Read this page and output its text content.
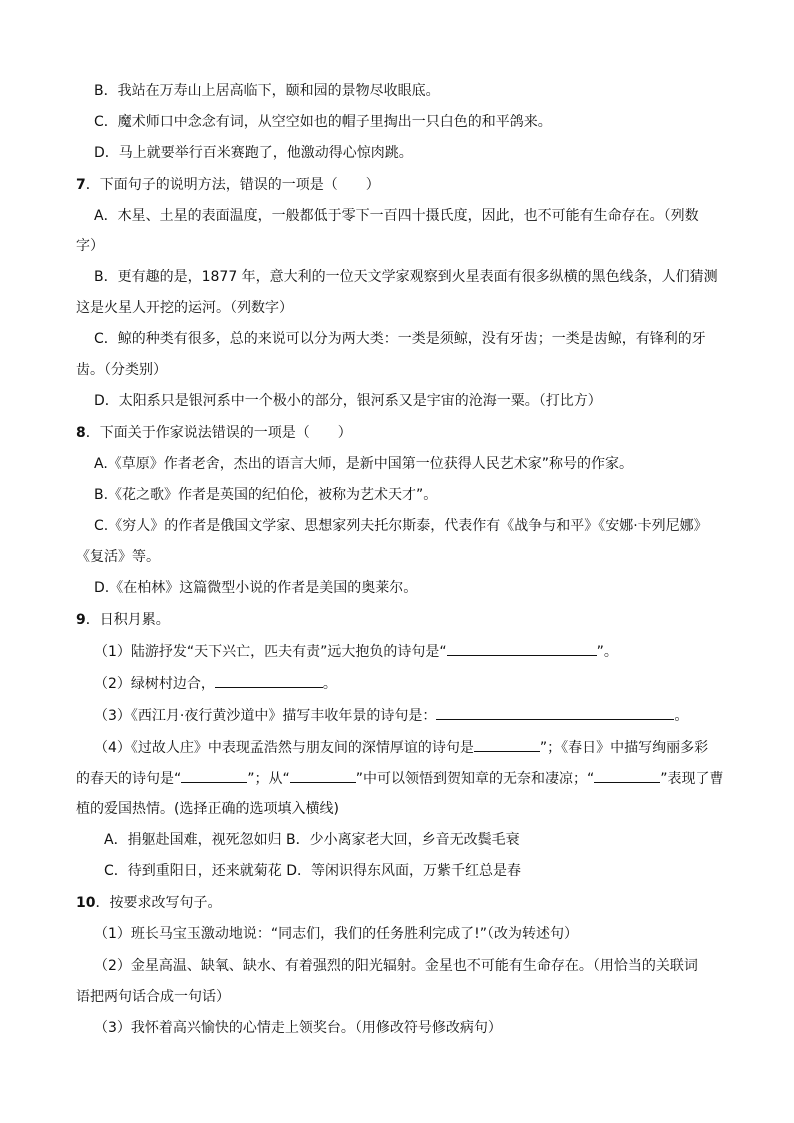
B．我站在万寿山上居高临下，颐和园的景物尽收眼底。
C．魔术师口中念念有词，从空空如也的帽子里掏出一只白色的和平鸽来。
D．马上就要举行百米赛跑了，他激动得心惊肉跳。
7．下面句子的说明方法，错误的一项是（　　）
A．木星、土星的表面温度，一般都低于零下一百四十摄氏度，因此，也不可能有生命存在。（列数
字）
B．更有趣的是，1877 年，意大利的一位天文学家观察到火星表面有很多纵横的黑色线条，人们猜测
这是火星人开挖的运河。（列数字）
C．鲸的种类有很多，总的来说可以分为两大类：一类是须鲸，没有牙齿；一类是齿鲸，有锋利的牙
齿。（分类别）
D．太阳系只是银河系中一个极小的部分，银河系又是宇宙的沧海一粟。（打比方）
8．下面关于作家说法错误的一项是（　　）
A.《草原》作者老舍，杰出的语言大师，是新中国第一位获得人民艺术家”称号的作家。
B.《花之歌》作者是英国的纪伯伦，被称为艺术天才”。
C.《穷人》的作者是俄国文学家、思想家列夫托尔斯泰，代表作有《战争与和平》《安娜·卡列尼娜》
《复活》等。
D.《在柏林》这篇微型小说的作者是美国的奥莱尔。
9．日积月累。
（1）陆游抒发“天下兴亡，匹夫有责”远大抱负的诗句是“	”。
（2）绿树村边合，	。
（3）《西江月·夜行黄沙道中》描写丰收年景的诗句是：	。
（4）《过故人庄》中表现孟浩然与朋友间的深情厚谊的诗句是	”；《春日》中描写绚丽多彩
的春天的诗句是“	”；从“	”中可以领悟到贺知章的无奈和凄凉；“	”表现了曹
植的爱国热情。(选择正确的选项填入横线)
A．捐躯赴国难，视死忽如归 B．少小离家老大回，乡音无改鬓毛衰
C．待到重阳日，还来就菊花 D．等闲识得东风面，万紫千红总是春
10．按要求改写句子。
（1）班长马宝玉激动地说：“同志们，我们的任务胜利完成了!”（改为转述句）
（2）金星高温、缺氧、缺水、有着强烈的阳光辐射。金星也不可能有生命存在。（用恰当的关联词
语把两句话合成一句话）
（3）我怀着高兴愉快的心情走上领奖台。（用修改符号修改病句）
